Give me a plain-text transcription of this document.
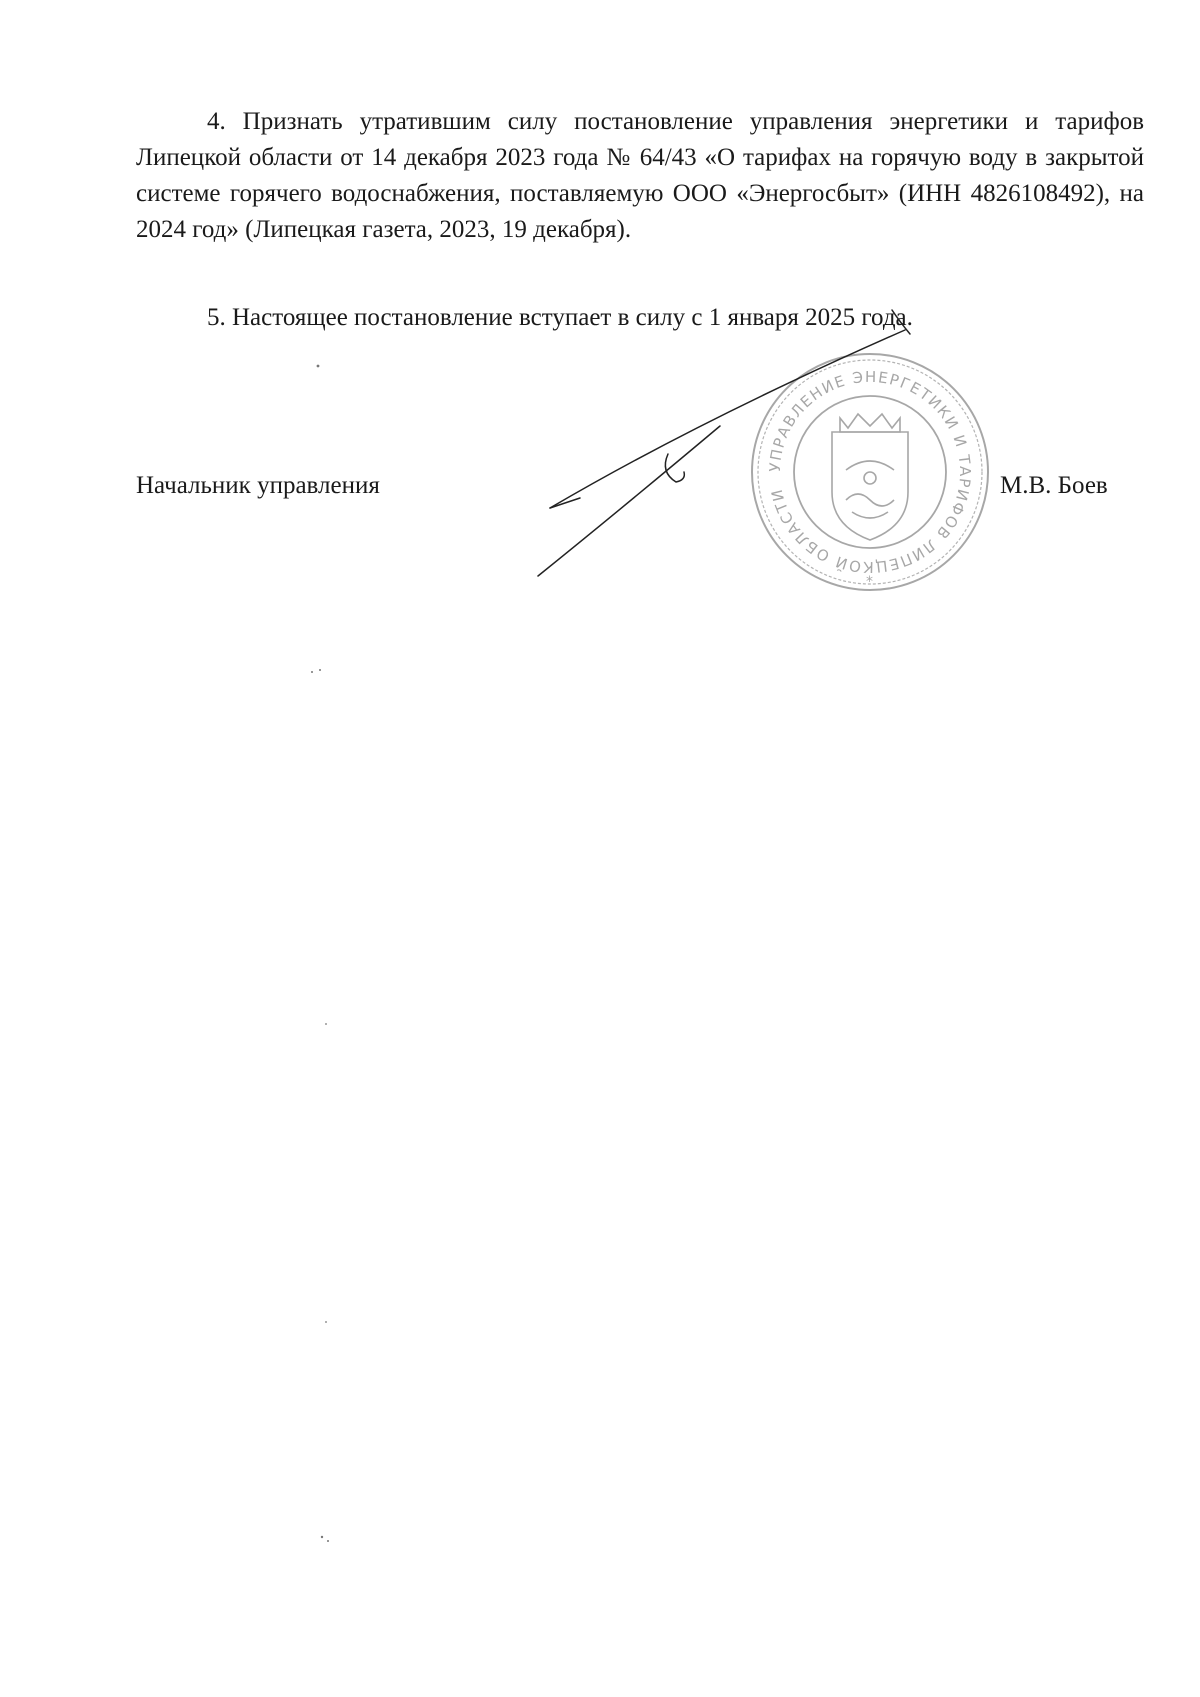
4. Признать утратившим силу постановление управления энергетики и тарифов Липецкой области от 14 декабря 2023 года № 64/43 «О тарифах на горячую воду в закрытой системе горячего водоснабжения, поставляемую ООО «Энергосбыт» (ИНН 4826108492), на 2024 год» (Липецкая газета, 2023, 19 декабря).

5. Настоящее постановление вступает в силу с 1 января 2025 года.

Начальник управления	М.В. Боев
УПРАВЛЕНИЕ ЭНЕРГЕТИКИ И ТАРИФОВ ЛИПЕЦКОЙ ОБЛАСТИ
*
